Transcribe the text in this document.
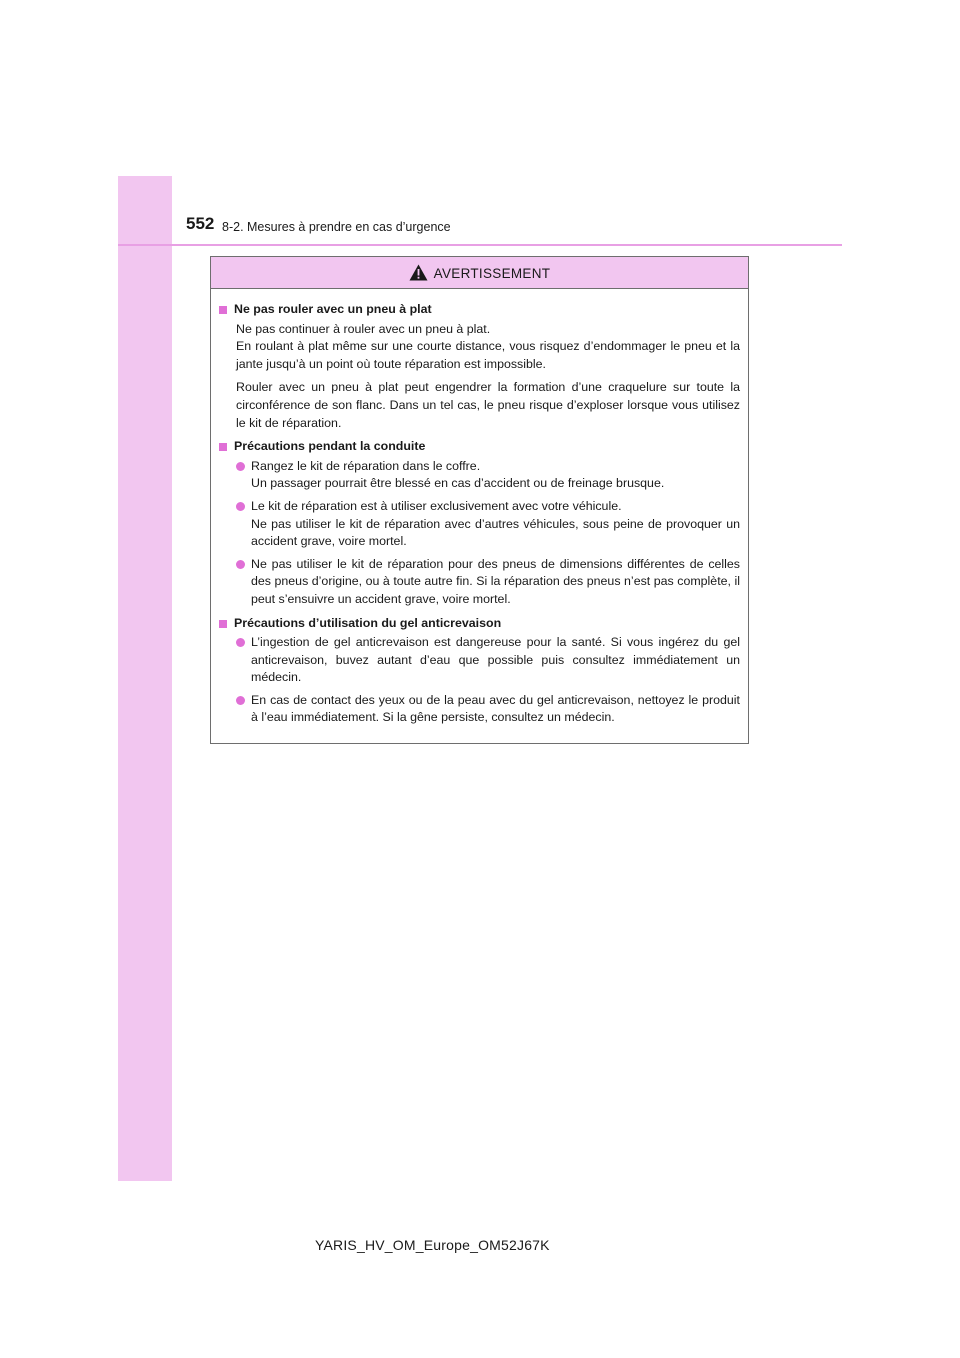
552 8-2. Mesures à prendre en cas d’urgence
AVERTISSEMENT
Ne pas rouler avec un pneu à plat
Ne pas continuer à rouler avec un pneu à plat.
En roulant à plat même sur une courte distance, vous risquez d’endommager le pneu et la jante jusqu’à un point où toute réparation est impossible.
Rouler avec un pneu à plat peut engendrer la formation d’une craquelure sur toute la circonférence de son flanc. Dans un tel cas, le pneu risque d’exploser lorsque vous utilisez le kit de réparation.
Précautions pendant la conduite
Rangez le kit de réparation dans le coffre.
Un passager pourrait être blessé en cas d’accident ou de freinage brusque.
Le kit de réparation est à utiliser exclusivement avec votre véhicule.
Ne pas utiliser le kit de réparation avec d’autres véhicules, sous peine de provoquer un accident grave, voire mortel.
Ne pas utiliser le kit de réparation pour des pneus de dimensions différentes de celles des pneus d’origine, ou à toute autre fin. Si la réparation des pneus n’est pas complète, il peut s’ensuivre un accident grave, voire mortel.
Précautions d’utilisation du gel anticrevaison
L’ingestion de gel anticrevaison est dangereuse pour la santé. Si vous ingérez du gel anticrevaison, buvez autant d’eau que possible puis consultez immédiatement un médecin.
En cas de contact des yeux ou de la peau avec du gel anticrevaison, nettoyez le produit à l’eau immédiatement. Si la gêne persiste, consultez un médecin.
YARIS_HV_OM_Europe_OM52J67K
